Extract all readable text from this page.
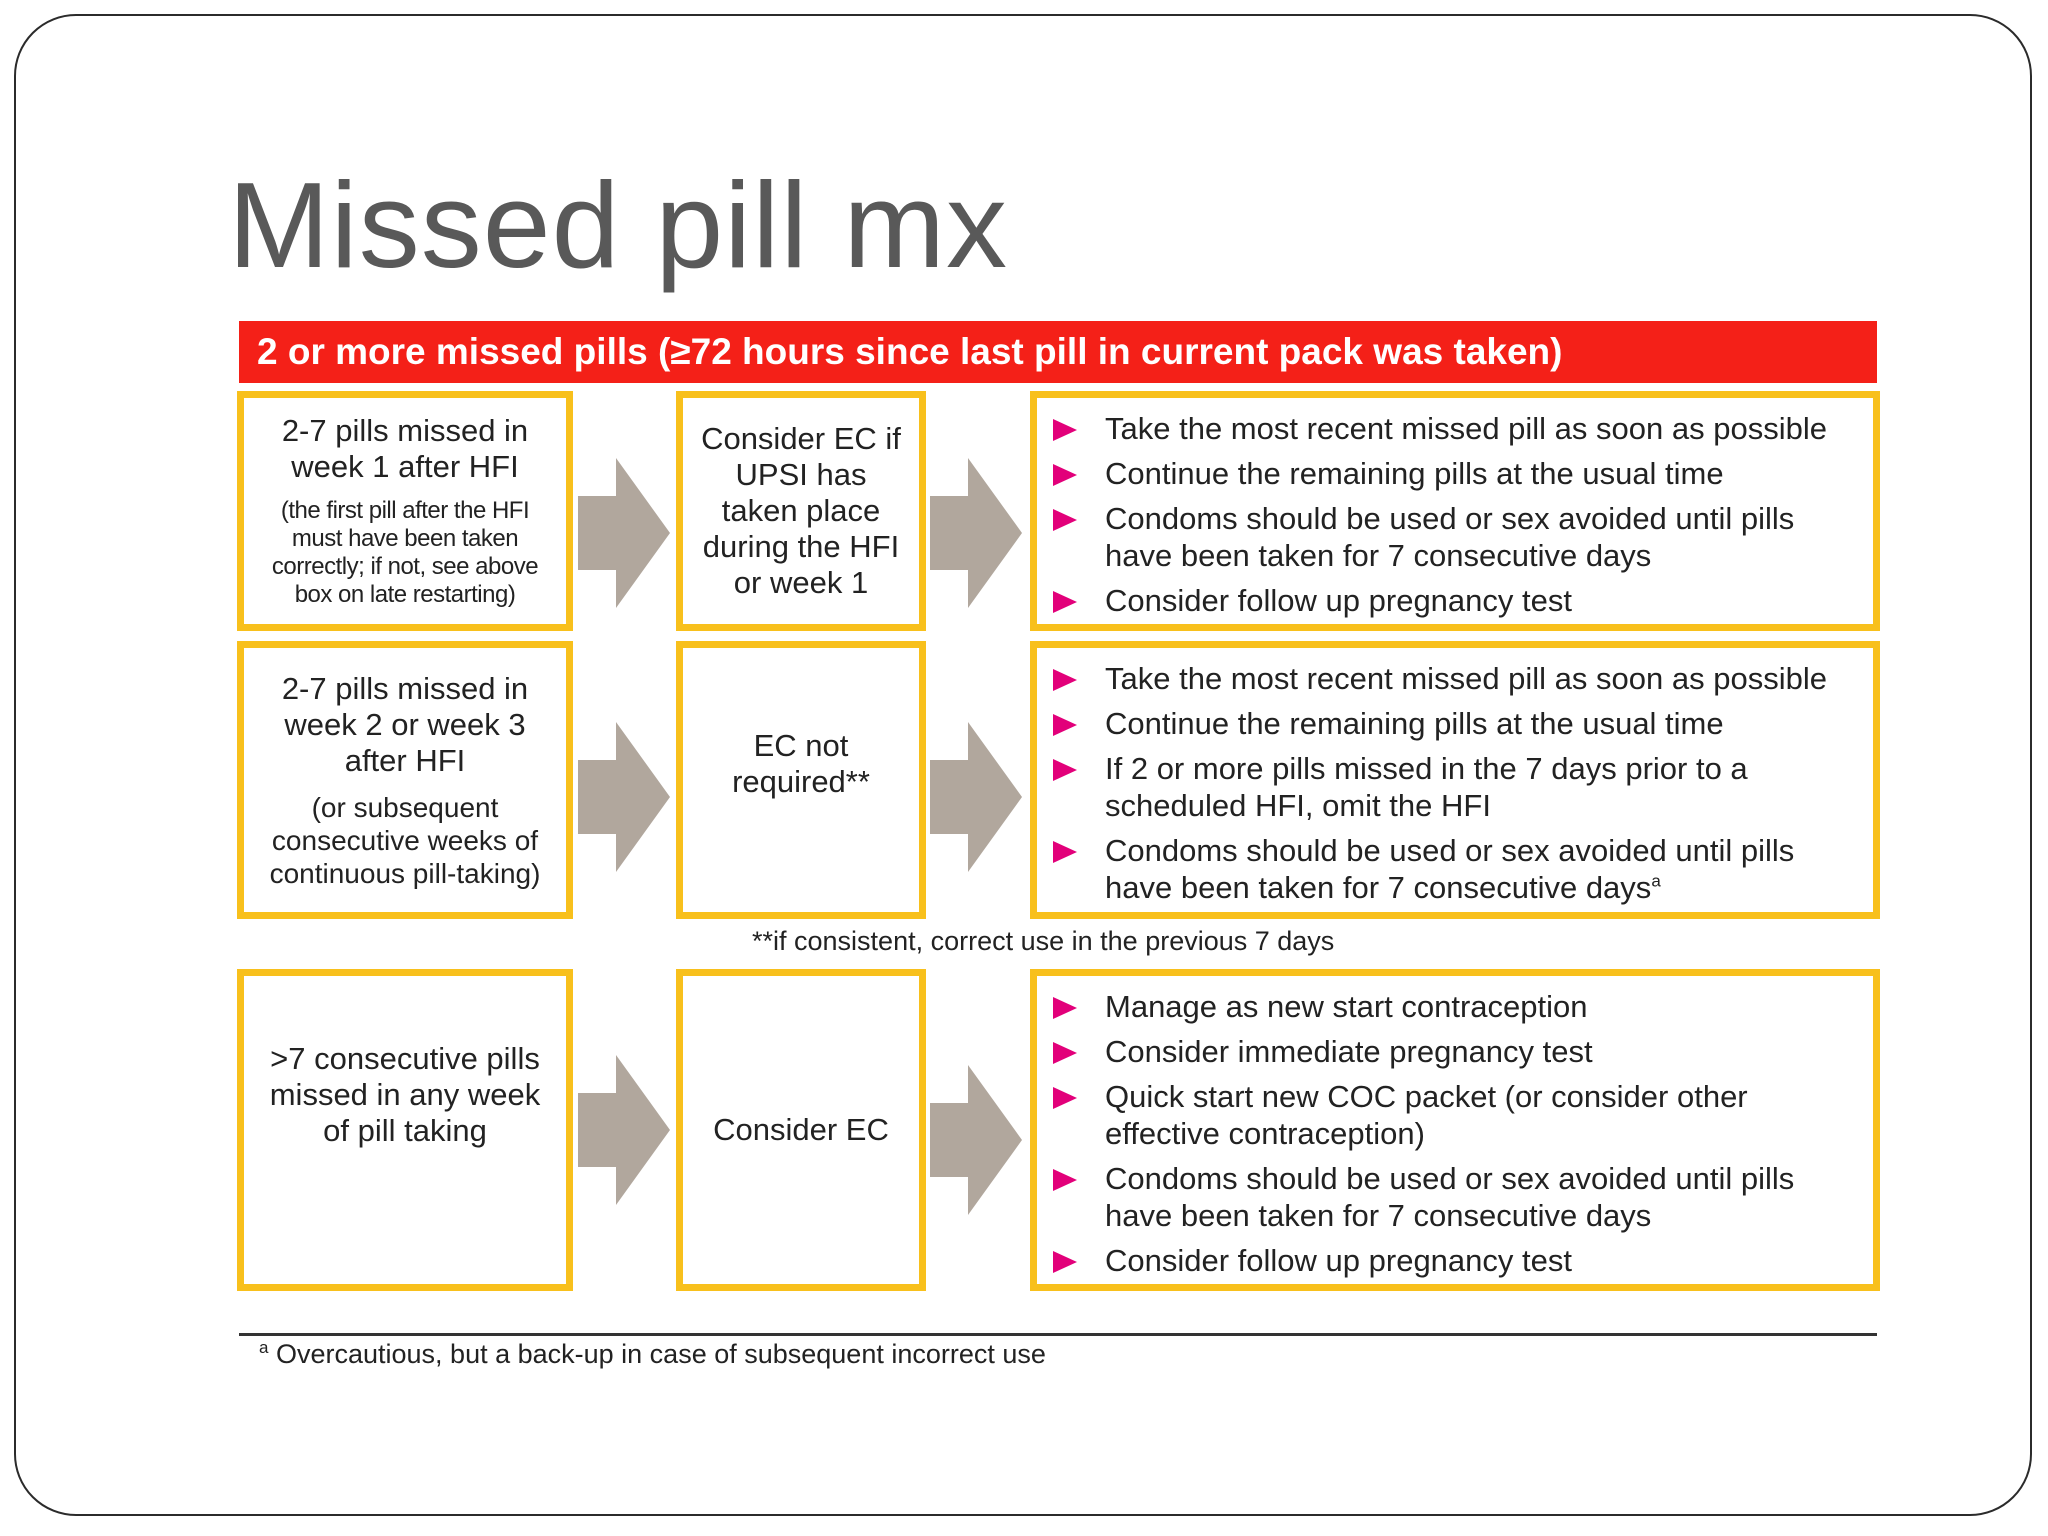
Missed pill mx
2 or more missed pills (≥72 hours since last pill in current pack was taken)
2-7 pills missed in week 1 after HFI
(the first pill after the HFI must have been taken correctly; if not, see above box on late restarting)
Consider EC if UPSI has taken place during the HFI or week 1
Take the most recent missed pill as soon as possible
Continue the remaining pills at the usual time
Condoms should be used or sex avoided until pills have been taken for 7 consecutive days
Consider follow up pregnancy test
2-7 pills missed in week 2 or week 3 after HFI
(or subsequent consecutive weeks of continuous pill-taking)
EC not required**
Take the most recent missed pill as soon as possible
Continue the remaining pills at the usual time
If 2 or more pills missed in the 7 days prior to a scheduled HFI, omit the HFI
Condoms should be used or sex avoided until pills have been taken for 7 consecutive days$^a$
**if consistent, correct use in the previous 7 days
>7 consecutive pills missed in any week of pill taking	Consider EC
Manage as new start contraception
Consider immediate pregnancy test
Quick start new COC packet (or consider other effective contraception)
Condoms should be used or sex avoided until pills have been taken for 7 consecutive days
Consider follow up pregnancy test
$^a$ Overcautious, but a back-up in case of subsequent incorrect use
